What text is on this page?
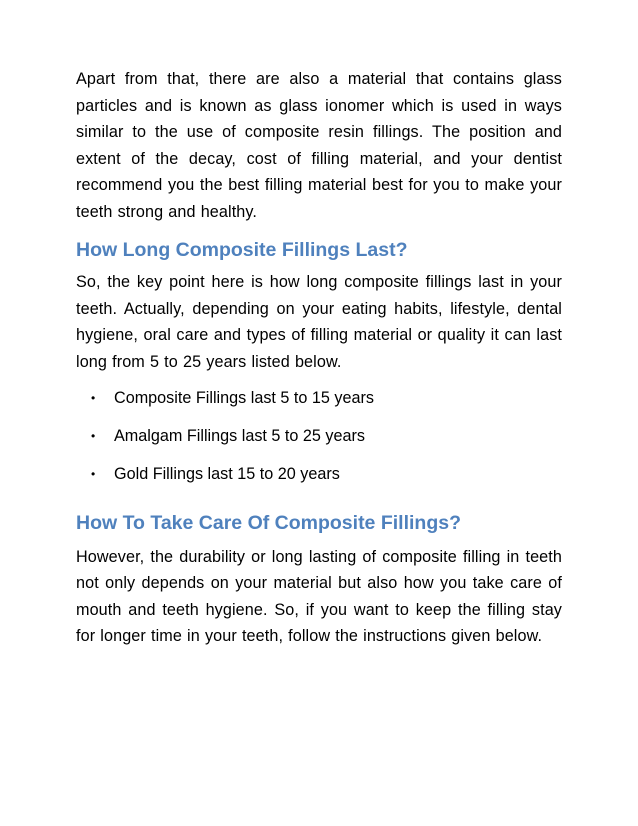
Apart from that, there are also a material that contains glass particles and is known as glass ionomer which is used in ways similar to the use of composite resin fillings. The position and extent of the decay, cost of filling material, and your dentist recommend you the best filling material best for you to make your teeth strong and healthy.

How Long Composite Fillings Last?

So, the key point here is how long composite fillings last in your teeth. Actually, depending on your eating habits, lifestyle, dental hygiene, oral care and types of filling material or quality it can last long from 5 to 25 years listed below.

• Composite Fillings last 5 to 15 years
• Amalgam Fillings last 5 to 25 years
• Gold Fillings last 15 to 20 years
How To Take Care Of Composite Fillings?

However, the durability or long lasting of composite filling in teeth not only depends on your material but also how you take care of mouth and teeth hygiene. So, if you want to keep the filling stay for longer time in your teeth, follow the instructions given below.
